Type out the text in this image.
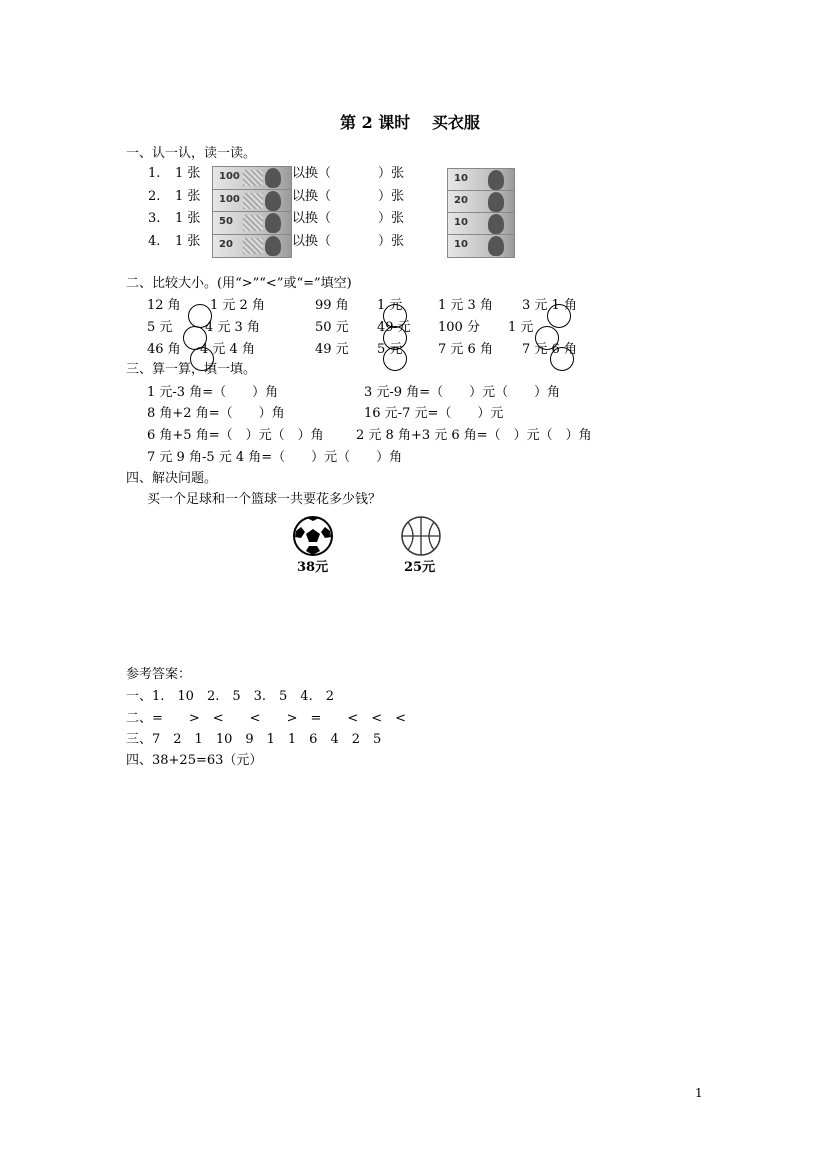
第 2 课时　 买衣服
一、认一认，读一读。
1. 1 张	以换（	）张
2. 1 张	以换（	）张
3. 1 张	以换（	）张
4. 1 张	以换（	）张
100
100
50
20
10
20
10
10
二、比较大小。(用“>”“<”或“=”填空)
12 角 1 元 2 角	99 角 1 元	1 元 3 角 3 元 1 角
5 元	4 元 3 角	50 元 49 元 100 分 1 元
46 角 4 元 4 角	49 元 5 元	7 元 6 角 7 元 6 角
三、算一算，填一填。
1 元-3 角=（　　）角	3 元-9 角=（　　）元（　　）角
8 角+2 角=（　　）角	16 元-7 元=（　　）元
6 角+5 角=（　）元（　）角 2 元 8 角+3 元 6 角=（　）元（　）角
7 元 9 角-5 元 4 角=（　　）元（　　）角
四、解决问题。
买一个足球和一个篮球一共要花多少钱？
38元	25元
参考答案：
一、1.　10　2.　5　3.　5　4.　2
二、=　　>　<　　<　　>　=　　<　<　<
三、7　2　1　10　9　1　1　6　4　2　5
四、38+25=63（元）
1
